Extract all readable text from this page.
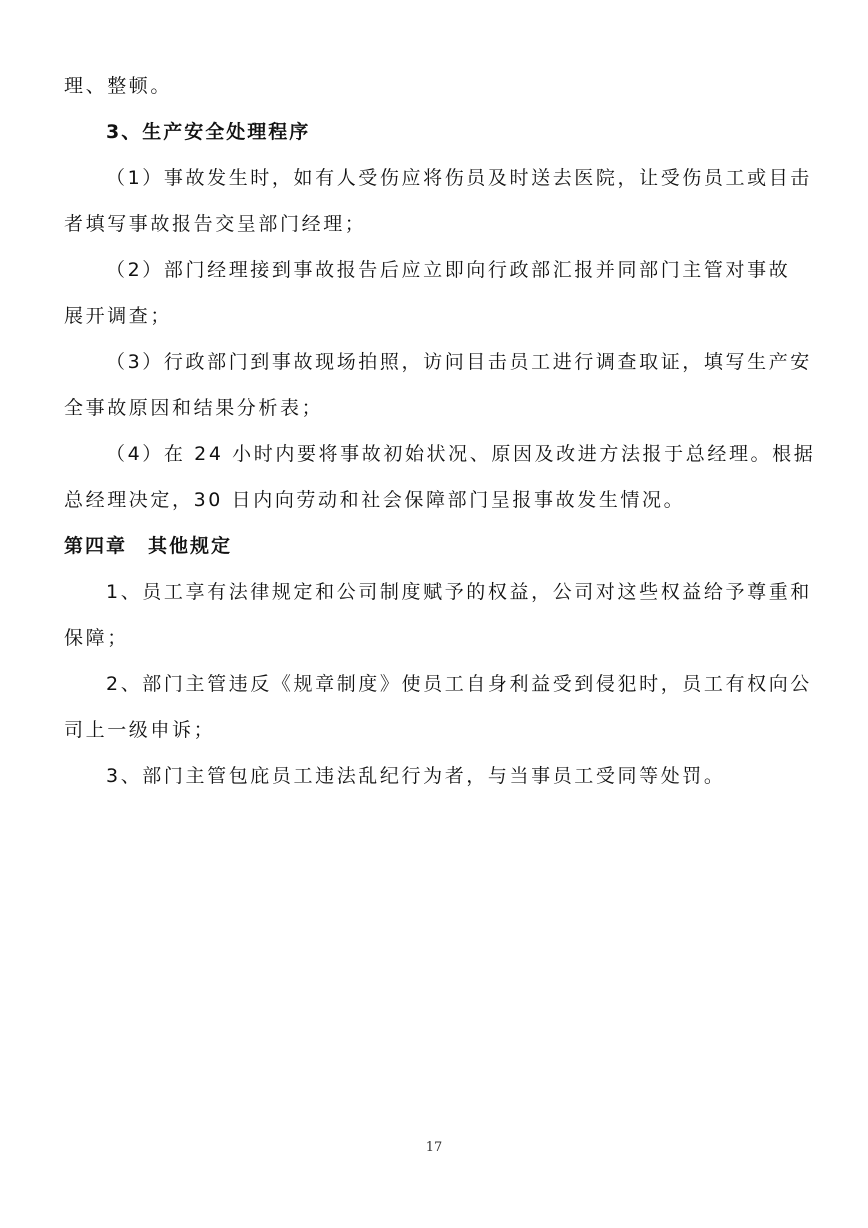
理、整顿。
3、生产安全处理程序
（1）事故发生时，如有人受伤应将伤员及时送去医院，让受伤员工或目击
者填写事故报告交呈部门经理；
（2）部门经理接到事故报告后应立即向行政部汇报并同部门主管对事故
展开调查；
（3）行政部门到事故现场拍照，访问目击员工进行调查取证，填写生产安
全事故原因和结果分析表；
（4）在 24 小时内要将事故初始状况、原因及改进方法报于总经理。根据
总经理决定，30 日内向劳动和社会保障部门呈报事故发生情况。
第四章　其他规定
1、员工享有法律规定和公司制度赋予的权益，公司对这些权益给予尊重和
保障；
2、部门主管违反《规章制度》使员工自身利益受到侵犯时，员工有权向公
司上一级申诉；
3、部门主管包庇员工违法乱纪行为者，与当事员工受同等处罚。
17
